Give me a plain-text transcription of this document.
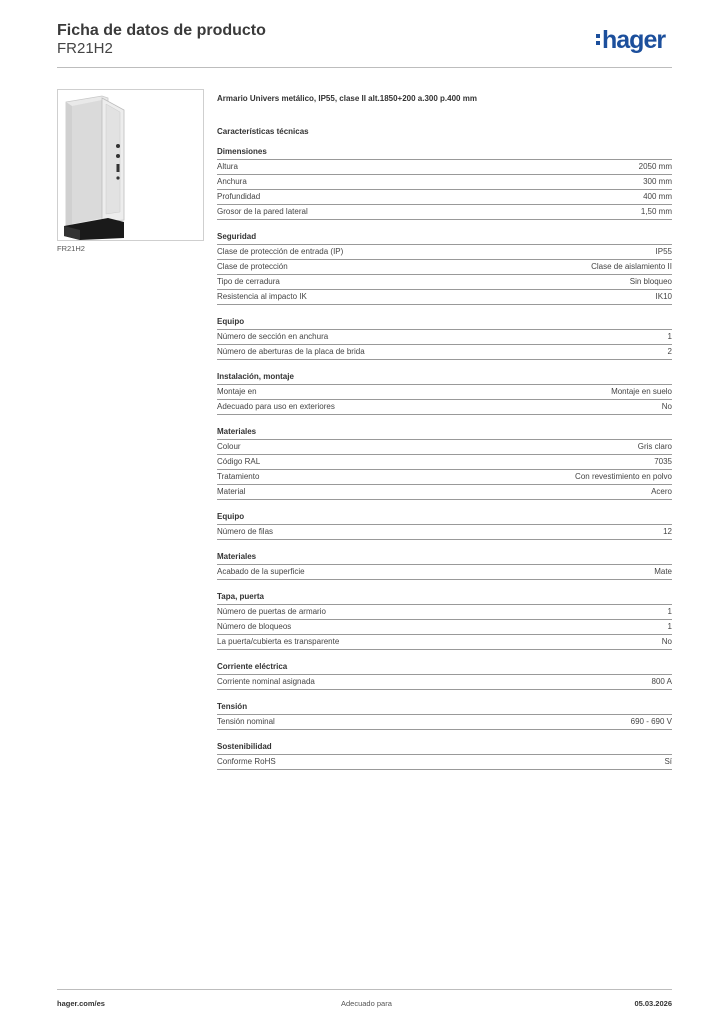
Ficha de datos de producto
FR21H2	hager
FR21H2
Armario Univers metálico, IP55, clase II alt.1850+200 a.300 p.400 mm
Características técnicas
Dimensiones
Altura	2050 mm
Anchura	300 mm
Profundidad	400 mm
Grosor de la pared lateral	1,50 mm
Seguridad
Clase de protección de entrada (IP)	IP55
Clase de protección	Clase de aislamiento II
Tipo de cerradura	Sin bloqueo
Resistencia al impacto IK	IK10
Equipo
Número de sección en anchura	1
Número de aberturas de la placa de brida	2
Instalación, montaje
Montaje en	Montaje en suelo
Adecuado para uso en exteriores	No
Materiales
Colour	Gris claro
Código RAL	7035
Tratamiento	Con revestimiento en polvo
Material	Acero
Equipo
Número de filas	12
Materiales
Acabado de la superficie	Mate
Tapa, puerta
Número de puertas de armario	1
Número de bloqueos	1
La puerta/cubierta es transparente	No
Corriente eléctrica
Corriente nominal asignada	800 A
Tensión
Tensión nominal	690 - 690 V
Sostenibilidad
Conforme RoHS	Sí
hager.com/es	Adecuado para	05.03.2026
